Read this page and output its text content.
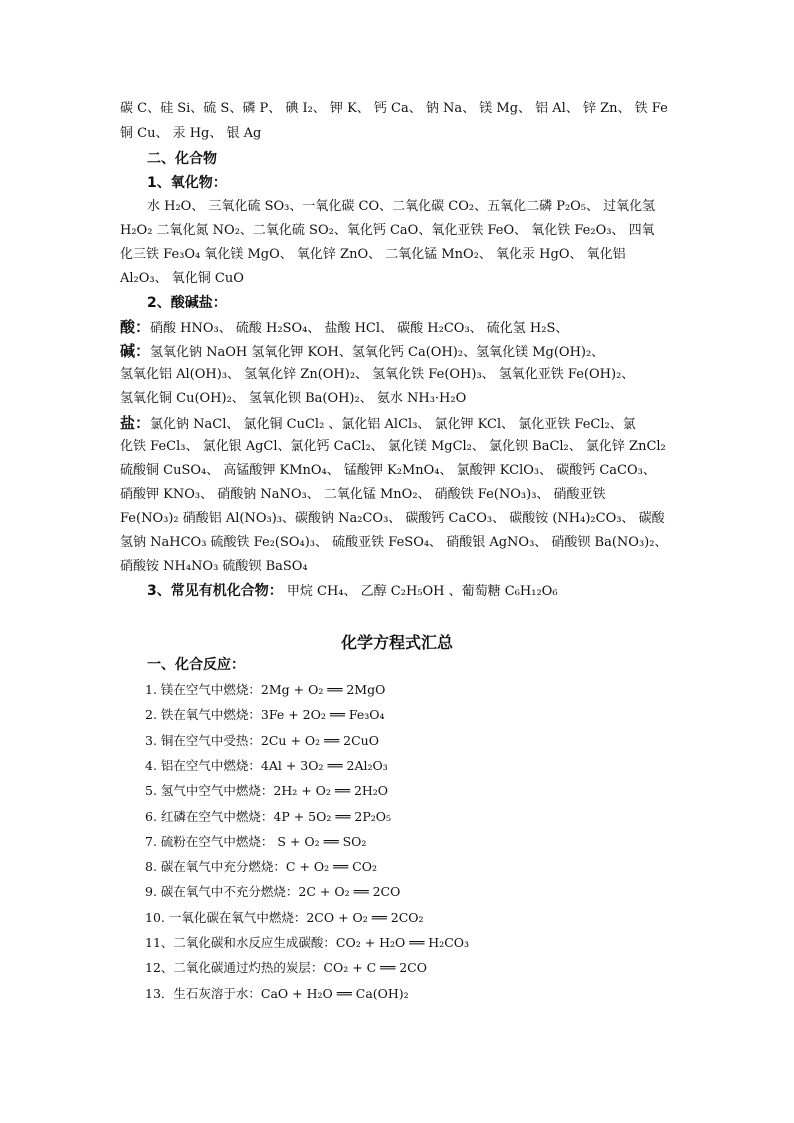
碳 C、硅 Si、硫 S、磷 P、 碘 I₂、 钾 K、 钙 Ca、 钠 Na、 镁 Mg、 铝 Al、 锌 Zn、 铁 Fe
铜 Cu、 汞 Hg、 银 Ag
二、化合物
1、氧化物：
水 H₂O、 三氧化硫 SO₃、一氧化碳 CO、二氧化碳 CO₂、五氧化二磷 P₂O₅、 过氧化氢
H₂O₂ 二氧化氮 NO₂、二氧化硫 SO₂、氧化钙 CaO、氧化亚铁 FeO、 氧化铁 Fe₂O₃、 四氧
化三铁 Fe₃O₄ 氧化镁 MgO、 氧化锌 ZnO、 二氧化锰 MnO₂、 氧化汞 HgO、 氧化铝
Al₂O₃、 氧化铜 CuO
2、酸碱盐：
酸：硝酸 HNO₃、 硫酸 H₂SO₄、 盐酸 HCl、 碳酸 H₂CO₃、 硫化氢 H₂S、
碱：氢氧化钠 NaOH 氢氧化钾 KOH、氢氧化钙 Ca(OH)₂、氢氧化镁 Mg(OH)₂、
氢氧化铝 Al(OH)₃、 氢氧化锌 Zn(OH)₂、 氢氧化铁 Fe(OH)₃、 氢氧化亚铁 Fe(OH)₂、
氢氧化铜 Cu(OH)₂、 氢氧化钡 Ba(OH)₂、 氨水 NH₃·H₂O
盐：氯化钠 NaCl、 氯化铜 CuCl₂ 、氯化铝 AlCl₃、 氯化钾 KCl、 氯化亚铁 FeCl₂、氯
化铁 FeCl₃、 氯化银 AgCl、氯化钙 CaCl₂、 氯化镁 MgCl₂、 氯化钡 BaCl₂、 氯化锌 ZnCl₂
硫酸铜 CuSO₄、 高锰酸钾 KMnO₄、 锰酸钾 K₂MnO₄、 氯酸钾 KClO₃、 碳酸钙 CaCO₃、
硝酸钾 KNO₃、 硝酸钠 NaNO₃、 二氧化锰 MnO₂、 硝酸铁 Fe(NO₃)₃、 硝酸亚铁
Fe(NO₃)₂ 硝酸铝 Al(NO₃)₃、碳酸钠 Na₂CO₃、 碳酸钙 CaCO₃、 碳酸铵 (NH₄)₂CO₃、 碳酸
氢钠 NaHCO₃ 硫酸铁 Fe₂(SO₄)₃、 硫酸亚铁 FeSO₄、 硝酸银 AgNO₃、 硝酸钡 Ba(NO₃)₂、
硝酸铵 NH₄NO₃ 硫酸钡 BaSO₄
3、常见有机化合物： 甲烷 CH₄、 乙醇 C₂H₅OH 、葡萄糖 C₆H₁₂O₆
化学方程式汇总
一、化合反应：
1. 镁在空气中燃烧：2Mg + O₂ ══ 2MgO
2. 铁在氧气中燃烧：3Fe + 2O₂ ══ Fe₃O₄
3. 铜在空气中受热：2Cu + O₂ ══ 2CuO
4. 铝在空气中燃烧：4Al + 3O₂ ══ 2Al₂O₃
5. 氢气中空气中燃烧：2H₂ + O₂ ══ 2H₂O
6. 红磷在空气中燃烧：4P + 5O₂ ══ 2P₂O₅
7. 硫粉在空气中燃烧： S + O₂ ══ SO₂
8. 碳在氧气中充分燃烧：C + O₂ ══ CO₂
9. 碳在氧气中不充分燃烧：2C + O₂ ══ 2CO
10. 一氧化碳在氧气中燃烧：2CO + O₂ ══ 2CO₂
11、二氧化碳和水反应生成碳酸：CO₂ + H₂O ══ H₂CO₃
12、二氧化碳通过灼热的炭层：CO₂ + C ══ 2CO
13．生石灰溶于水：CaO + H₂O ══ Ca(OH)₂
